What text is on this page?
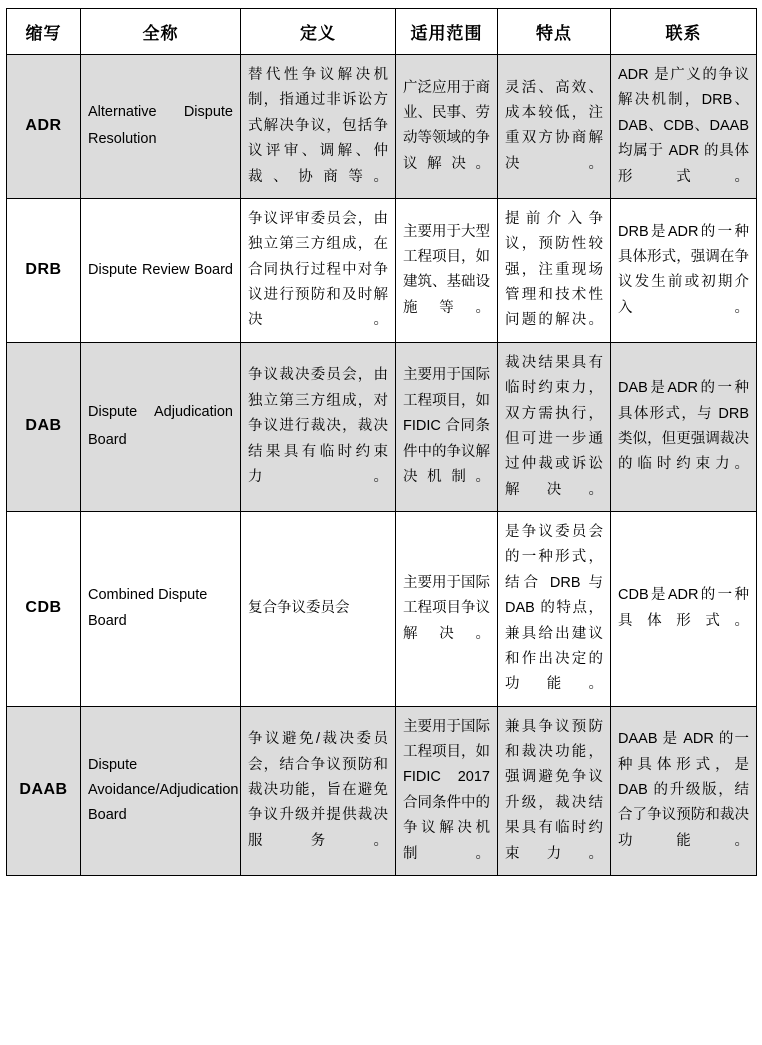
缩写	全称	定义	适用范围	特点	联系
ADR	Alternative Dispute Resolution	替代性争议解决机制，指通过非诉讼方式解决争议，包括争议评审、调解、仲裁、协商等。	广泛应用于商业、民事、劳动等领域的争议解决。	灵活、高效、成本较低，注重双方协商解决。	ADR 是广义的争议解决机制，DRB、DAB、CDB、DAAB 均属于 ADR 的具体形式。
DRB	Dispute Review Board	争议评审委员会，由独立第三方组成，在合同执行过程中对争议进行预防和及时解决。	主要用于大型工程项目，如建筑、基础设施等。	提前介入争议，预防性较强，注重现场管理和技术性问题的解决。	DRB是ADR的一种具体形式，强调在争议发生前或初期介入。
DAB	Dispute Adjudication Board	争议裁决委员会，由独立第三方组成，对争议进行裁决，裁决结果具有临时约束力。	主要用于国际工程项目，如 FIDIC 合同条件中的争议解决机制。	裁决结果具有临时约束力，双方需执行，但可进一步通过仲裁或诉讼解决。	DAB是ADR的一种具体形式，与 DRB 类似，但更强调裁决的临时约束力。
CDB	Combined Dispute Board	复合争议委员会	主要用于国际工程项目争议解决。	是争议委员会的一种形式，结合 DRB 与 DAB 的特点，兼具给出建议和作出决定的功能。	CDB是ADR的一种具体形式。
DAAB	Dispute Avoidance/Adjudication Board	争议避免/裁决委员会，结合争议预防和裁决功能，旨在避免争议升级并提供裁决服务。	主要用于国际工程项目，如 FIDIC 2017 合同条件中的争议解决机制。	兼具争议预防和裁决功能，强调避免争议升级，裁决结果具有临时约束力。	DAAB 是 ADR 的一种具体形式，是 DAB 的升级版，结合了争议预防和裁决功能。
